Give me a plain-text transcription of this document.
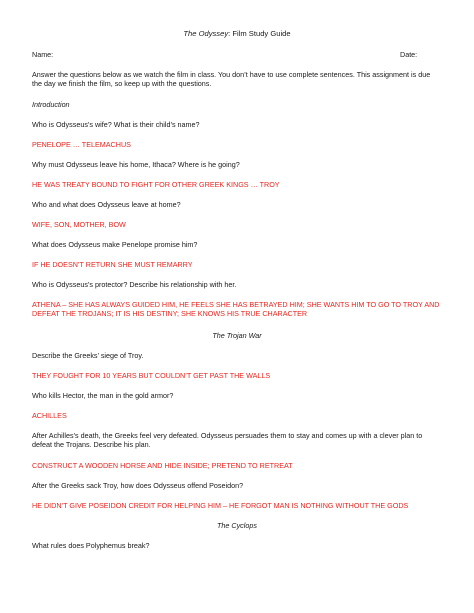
The Odyssey: Film Study Guide
Name:	Date:
Answer the questions below as we watch the film in class. You don’t have to use complete sentences. This assignment is due the day we finish the film, so keep up with the questions.
Introduction
Who is Odysseus’s wife? What is their child’s name?
PENELOPE … TELEMACHUS
Why must Odysseus leave his home, Ithaca? Where is he going?
HE WAS TREATY BOUND TO FIGHT FOR OTHER GREEK KINGS … TROY
Who and what does Odysseus leave at home?
WIFE, SON, MOTHER, BOW
What does Odysseus make Penelope promise him?
IF HE DOESN’T RETURN SHE MUST REMARRY
Who is Odysseus’s protector? Describe his relationship with her.
ATHENA – SHE HAS ALWAYS GUIDED HIM, HE FEELS SHE HAS BETRAYED HIM; SHE WANTS HIM TO GO TO TROY AND DEFEAT THE TROJANS; IT IS HIS DESTINY; SHE KNOWS HIS TRUE CHARACTER
The Trojan War
Describe the Greeks’ siege of Troy.
THEY FOUGHT FOR 10 YEARS BUT COULDN’T GET PAST THE WALLS
Who kills Hector, the man in the gold armor?
ACHILLES
After Achilles’s death, the Greeks feel very defeated. Odysseus persuades them to stay and comes up with a clever plan to defeat the Trojans. Describe his plan.
CONSTRUCT A WOODEN HORSE AND HIDE INSIDE; PRETEND TO RETREAT
After the Greeks sack Troy, how does Odysseus offend Poseidon?
HE DIDN’T GIVE POSEIDON CREDIT FOR HELPING HIM – HE FORGOT MAN IS NOTHING WITHOUT THE GODS
The Cyclops
What rules does Polyphemus break?
